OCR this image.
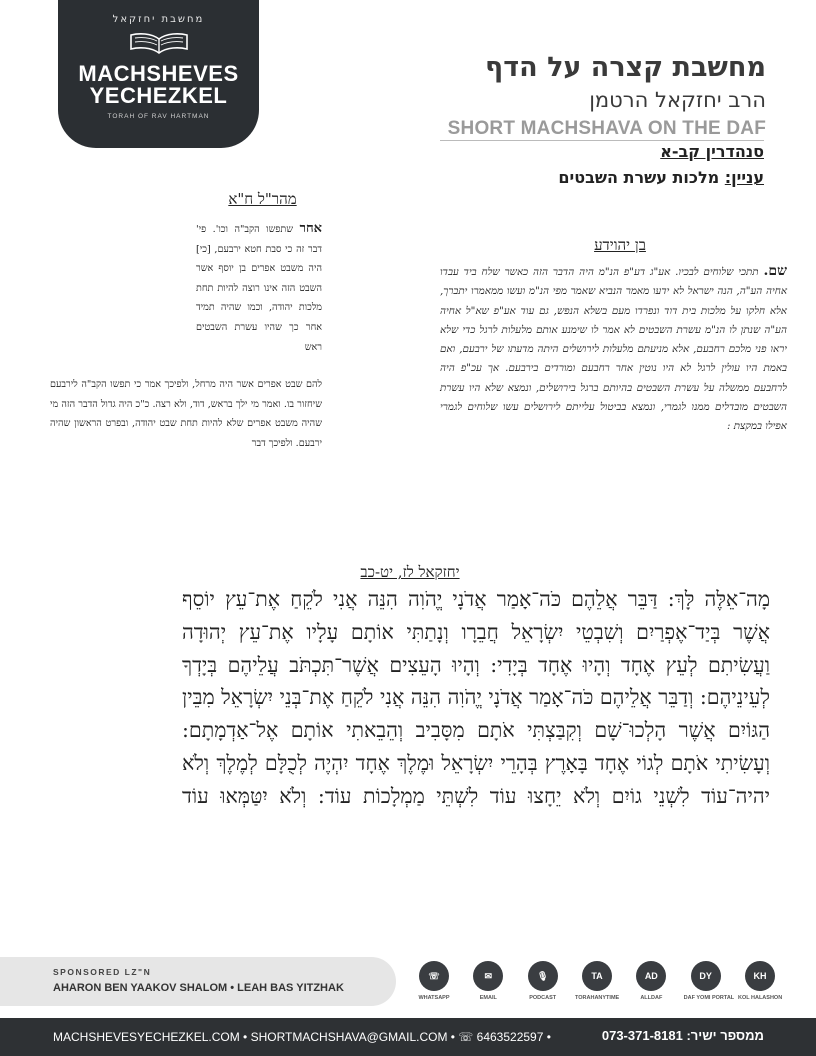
מחשבת יחזקאל
MACHSHEVES
YECHEZKEL
TORAH OF RAV HARTMAN
מחשבת קצרה על הדף
הרב יחזקאל הרטמן
SHORT MACHSHAVA ON THE DAF
סנהדרין קב-א
עניין: מלכות עשרת השבטים
מהר"ל ח"א
אחר שתפשו הקב"ה וכו'. פי' דבר זה כי סבת חטא ירבעם, [כי] היה משבט אפרים בן יוסף אשר השבט הזה אינו רוצה להיות תחת מלכות יהודה, וכמו שהיה תמיד אחר כך שהיו עשרת השבטים ראש
להם שבט אפרים אשר היה מרחל, ולפיכך אמר כי תפשו הקב"ה לירבעם שיחזור בו. ואמר מי ילך בראש, דוד, ולא רצה. כ"כ היה גדול הדבר הזה מי שהיה משבט אפרים שלא להיות תחת שבט יהודה, ובפרט הראשון שהיה ירבעם. ולפיכך דבר
בן יהוידע
שם. תתכי שלוחים לבכיו. אע"ג דע"פ הנ"מ היה הדבר הזה כאשר שלח ביד עבדו אחיה הע"ה, הנה ישראל לא ידעו מאמר הנביא שאמר מפי הנ"מ ועשו ממאמרו יתברך, אלא חלקו על מלכות בית דוד ונפרדו מעם בשלא הנפש, גם עוד אע"פ שא"ל אחיה הע"ה שנתן לו הנ"מ עשרת השבטים לא אמר לו שימנע אותם מלעלות לרגל כדי שלא יראו פני מלכם רחבעם, אלא מניעתם מלעלות לירושלים היתה מדעתו של ירבעם, ואם באמת היו עולין לרגל לא היו נוטין אחר רחבעם ומורדים בירבעם. אך עכ"פ היה לרחבעם ממשלה על עשרת השבטים בהיותם ברגל בירושלים, ונמצא שלא היו עשרת השבטים מובדלים ממנו לגמרי, ונמצא בביטול עלייתם לירושלים עשו שלוחים לגמרי אפילו במקצת :
יחזקאל לז, יט-כב
מָה־אֵלֶּה לָּךְ: דַּבֵּר אֲלֵהֶם כֹּה־אָמַר אֲדֹנָי יֱהֹוִה הִנֵּה אֲנִי לֹקֵחַ אֶת־עֵץ יוֹסֵף אֲשֶׁר בְּיַד־אֶפְרַיִם וְשִׁבְטֵי יִשְׂרָאֵל חֲבֵרָו וְנָתַתִּי אוֹתָם עָלָיו אֶת־עֵץ יְהוּדָה וַעֲשִׂיתִם לְעֵץ אֶחָד וְהָיוּ אֶחָד בְּיָדִי: וְהָיוּ הָעֵצִים אֲשֶׁר־תִּכְתֹּב עֲלֵיהֶם בְּיָדְךָ לְעֵינֵיהֶם: וְדַבֵּר אֲלֵיהֶם כֹּה־אָמַר אֲדֹנָי יֱהֹוִה הִנֵּה אֲנִי לֹקֵחַ אֶת־בְּנֵי יִשְׂרָאֵל מִבֵּין הַגּוֹיִם אֲשֶׁר הָלְכוּ־שָׁם וְקִבַּצְתִּי אֹתָם מִסָּבִיב וְהֵבֵאתִי אוֹתָם אֶל־אַדְמָתָם: וְעָשִׂיתִי אֹתָם לְגוֹי אֶחָד בָּאָרֶץ בְּהָרֵי יִשְׂרָאֵל וּמֶלֶךְ אֶחָד יִהְיֶה לְכֻלָּם לְמֶלֶךְ וְלֹא יהיה־עוֹד לִשְׁנֵי גוֹיִם וְלֹא יֵחָצוּ עוֹד לִשְׁתֵּי מַמְלָכוֹת עוֹד: וְלֹא יִטַּמְּאוּ עוֹד
SPONSORED LZ"N
AHARON BEN YAAKOV SHALOM • LEAH BAS YITZHAK
☏
WHATSAPP
✉
EMAIL
🎙
PODCAST
TA
TORAHANYTIME
AD
ALLDAF
DY
DAF YOMI PORTAL
KH
KOL HALASHON
MACHSHEVESYECHEZKEL.COM • SHORTMACHSHAVA@GMAIL.COM • ☏ 6463522597 •	ממספר ישיר: 073-371-8181
